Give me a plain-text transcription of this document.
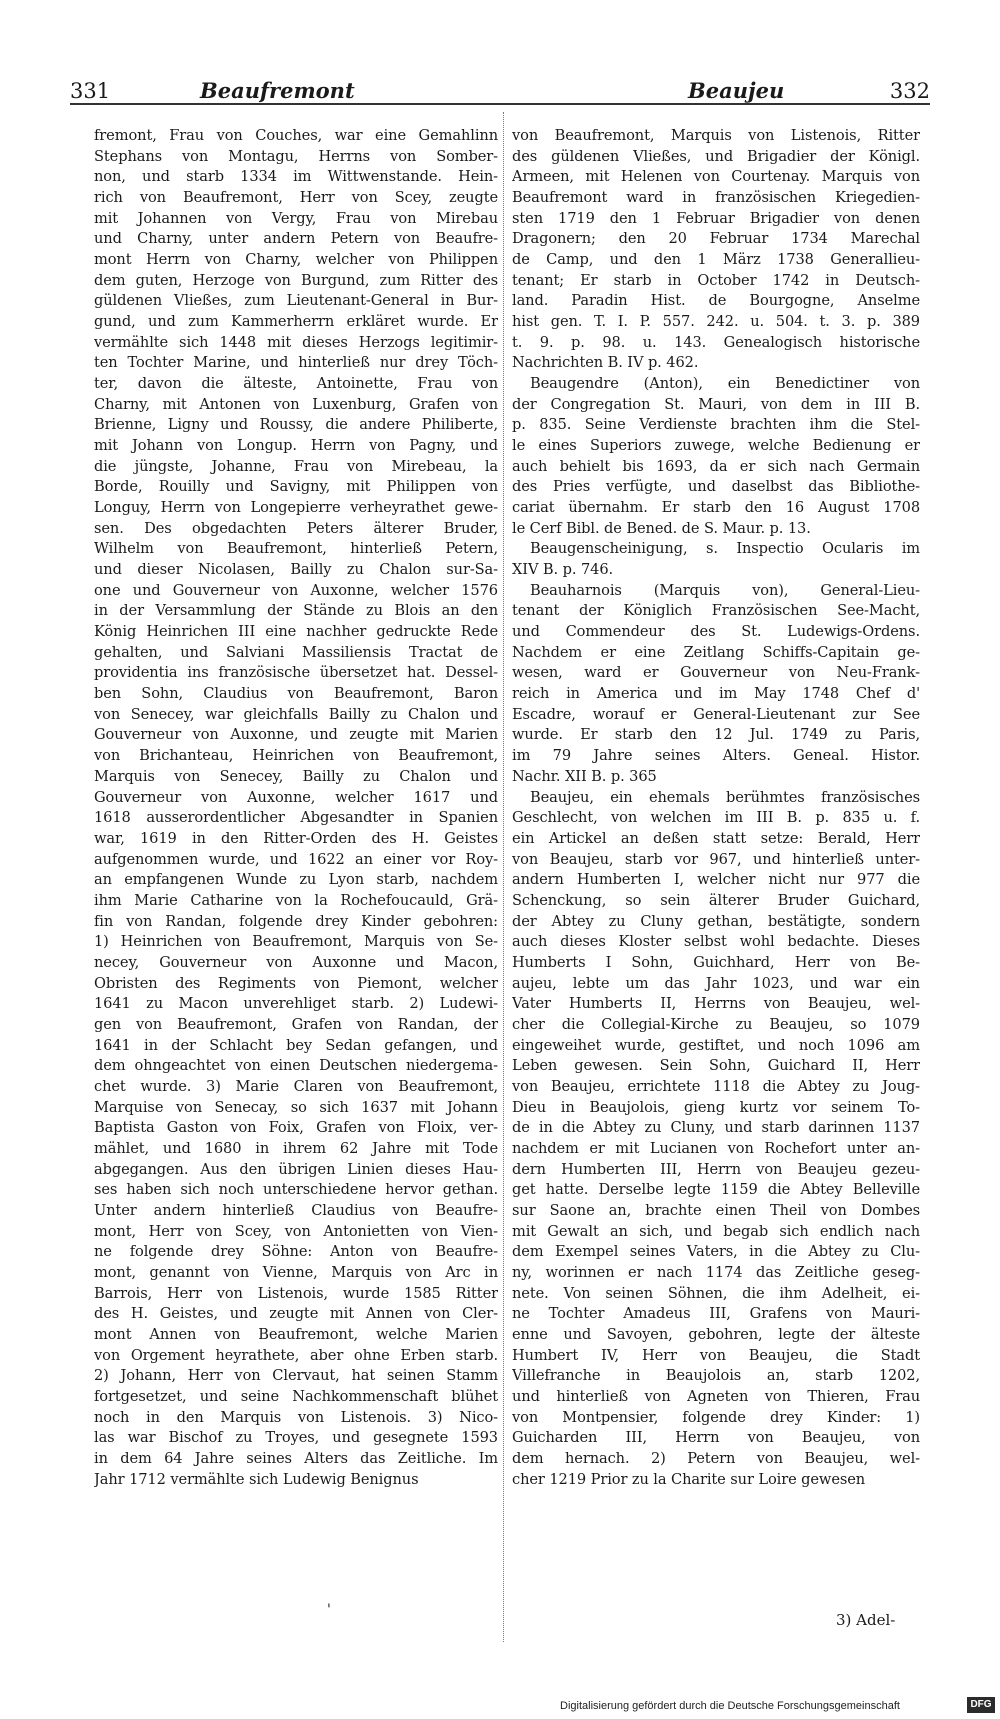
331	Beaufremont	Beaujeu	332
fremont, Frau von Couches, war eine Gemahlinn
Stephans von Montagu, Herrns von Somber-
non, und starb 1334 im Wittwenstande. Hein-
rich von Beaufremont, Herr von Scey, zeugte
mit Johannen von Vergy, Frau von Mirebau
und Charny, unter andern Petern von Beaufre-
mont Herrn von Charny, welcher von Philippen
dem guten, Herzoge von Burgund, zum Ritter des
güldenen Vließes, zum Lieutenant-General in Bur-
gund, und zum Kammerherrn erkläret wurde. Er
vermählte sich 1448 mit dieses Herzogs legitimir-
ten Tochter Marine, und hinterließ nur drey Töch-
ter, davon die älteste, Antoinette, Frau von
Charny, mit Antonen von Luxenburg, Grafen von
Brienne, Ligny und Roussy, die andere Philiberte,
mit Johann von Longup. Herrn von Pagny, und
die jüngste, Johanne, Frau von Mirebeau, la
Borde, Rouilly und Savigny, mit Philippen von
Longuy, Herrn von Longepierre verheyrathet gewe-
sen. Des obgedachten Peters älterer Bruder,
Wilhelm von Beaufremont, hinterließ Petern,
und dieser Nicolasen, Bailly zu Chalon sur-Sa-
one und Gouverneur von Auxonne, welcher 1576
in der Versammlung der Stände zu Blois an den
König Heinrichen III eine nachher gedruckte Rede
gehalten, und Salviani Massiliensis Tractat de
providentia ins französische übersetzet hat. Dessel-
ben Sohn, Claudius von Beaufremont, Baron
von Senecey, war gleichfalls Bailly zu Chalon und
Gouverneur von Auxonne, und zeugte mit Marien
von Brichanteau, Heinrichen von Beaufremont,
Marquis von Senecey, Bailly zu Chalon und
Gouverneur von Auxonne, welcher 1617 und
1618 ausserordentlicher Abgesandter in Spanien
war, 1619 in den Ritter-Orden des H. Geistes
aufgenommen wurde, und 1622 an einer vor Roy-
an empfangenen Wunde zu Lyon starb, nachdem
ihm Marie Catharine von la Rochefoucauld, Grä-
fin von Randan, folgende drey Kinder gebohren:
1) Heinrichen von Beaufremont, Marquis von Se-
necey, Gouverneur von Auxonne und Macon,
Obristen des Regiments von Piemont, welcher
1641 zu Macon unverehliget starb. 2) Ludewi-
gen von Beaufremont, Grafen von Randan, der
1641 in der Schlacht bey Sedan gefangen, und
dem ohngeachtet von einen Deutschen niedergema-
chet wurde. 3) Marie Claren von Beaufremont,
Marquise von Senecay, so sich 1637 mit Johann
Baptista Gaston von Foix, Grafen von Floix, ver-
mählet, und 1680 in ihrem 62 Jahre mit Tode
abgegangen. Aus den übrigen Linien dieses Hau-
ses haben sich noch unterschiedene hervor gethan.
Unter andern hinterließ Claudius von Beaufre-
mont, Herr von Scey, von Antonietten von Vien-
ne folgende drey Söhne: Anton von Beaufre-
mont, genannt von Vienne, Marquis von Arc in
Barrois, Herr von Listenois, wurde 1585 Ritter
des H. Geistes, und zeugte mit Annen von Cler-
mont Annen von Beaufremont, welche Marien
von Orgement heyrathete, aber ohne Erben starb.
2) Johann, Herr von Clervaut, hat seinen Stamm
fortgesetzet, und seine Nachkommenschaft blühet
noch in den Marquis von Listenois. 3) Nico-
las war Bischof zu Troyes, und gesegnete 1593
in dem 64 Jahre seines Alters das Zeitliche. Im
Jahr 1712 vermählte sich Ludewig Benignus
von Beaufremont, Marquis von Listenois, Ritter
des güldenen Vließes, und Brigadier der Königl.
Armeen, mit Helenen von Courtenay. Marquis von
Beaufremont ward in französischen Kriegedien-
sten 1719 den 1 Februar Brigadier von denen
Dragonern; den 20 Februar 1734 Marechal
de Camp, und den 1 März 1738 Generallieu-
tenant; Er starb in October 1742 in Deutsch-
land. Paradin Hist. de Bourgogne, Anselme
hist gen. T. I. P. 557. 242. u. 504. t. 3. p. 389
t. 9. p. 98. u. 143. Genealogisch historische
Nachrichten B. IV p. 462.
Beaugendre (Anton), ein Benedictiner von
der Congregation St. Mauri, von dem in III B.
p. 835. Seine Verdienste brachten ihm die Stel-
le eines Superiors zuwege, welche Bedienung er
auch behielt bis 1693, da er sich nach Germain
des Pries verfügte, und daselbst das Bibliothe-
cariat übernahm. Er starb den 16 August 1708
le Cerf Bibl. de Bened. de S. Maur. p. 13.
Beaugenscheinigung, s. Inspectio Ocularis im
XIV B. p. 746.
Beauharnois (Marquis von), General-Lieu-
tenant der Königlich Französischen See-Macht,
und Commendeur des St. Ludewigs-Ordens.
Nachdem er eine Zeitlang Schiffs-Capitain ge-
wesen, ward er Gouverneur von Neu-Frank-
reich in America und im May 1748 Chef d'
Escadre, worauf er General-Lieutenant zur See
wurde. Er starb den 12 Jul. 1749 zu Paris,
im 79 Jahre seines Alters. Geneal. Histor.
Nachr. XII B. p. 365
Beaujeu, ein ehemals berühmtes französisches
Geschlecht, von welchen im III B. p. 835 u. f.
ein Artickel an deßen statt setze: Berald, Herr
von Beaujeu, starb vor 967, und hinterließ unter-
andern Humberten I, welcher nicht nur 977 die
Schenckung, so sein älterer Bruder Guichard,
der Abtey zu Cluny gethan, bestätigte, sondern
auch dieses Kloster selbst wohl bedachte. Dieses
Humberts I Sohn, Guichhard, Herr von Be-
aujeu, lebte um das Jahr 1023, und war ein
Vater Humberts II, Herrns von Beaujeu, wel-
cher die Collegial-Kirche zu Beaujeu, so 1079
eingeweihet wurde, gestiftet, und noch 1096 am
Leben gewesen. Sein Sohn, Guichard II, Herr
von Beaujeu, errichtete 1118 die Abtey zu Joug-
Dieu in Beaujolois, gieng kurtz vor seinem To-
de in die Abtey zu Cluny, und starb darinnen 1137
nachdem er mit Lucianen von Rochefort unter an-
dern Humberten III, Herrn von Beaujeu gezeu-
get hatte. Derselbe legte 1159 die Abtey Belleville
sur Saone an, brachte einen Theil von Dombes
mit Gewalt an sich, und begab sich endlich nach
dem Exempel seines Vaters, in die Abtey zu Clu-
ny, worinnen er nach 1174 das Zeitliche geseg-
nete. Von seinen Söhnen, die ihm Adelheit, ei-
ne Tochter Amadeus III, Grafens von Mauri-
enne und Savoyen, gebohren, legte der älteste
Humbert IV, Herr von Beaujeu, die Stadt
Villefranche in Beaujolois an, starb 1202,
und hinterließ von Agneten von Thieren, Frau
von Montpensier, folgende drey Kinder: 1)
Guicharden III, Herrn von Beaujeu, von
dem hernach. 2) Petern von Beaujeu, wel-
cher 1219 Prior zu la Charite sur Loire gewesen
'
3) Adel-
Digitalisierung gefördert durch die Deutsche Forschungsgemeinschaft	DFG
